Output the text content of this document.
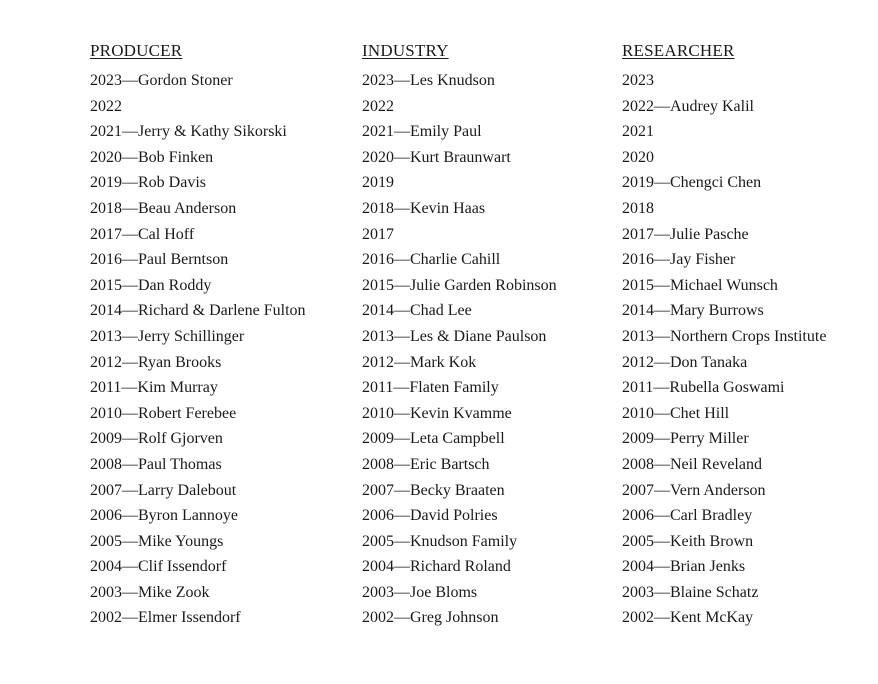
PRODUCER
2023—Gordon Stoner
2022
2021—Jerry & Kathy Sikorski
2020—Bob Finken
2019—Rob Davis
2018—Beau Anderson
2017—Cal Hoff
2016—Paul Berntson
2015—Dan Roddy
2014—Richard & Darlene Fulton
2013—Jerry Schillinger
2012—Ryan Brooks
2011—Kim Murray
2010—Robert Ferebee
2009—Rolf Gjorven
2008—Paul Thomas
2007—Larry Dalebout
2006—Byron Lannoye
2005—Mike Youngs
2004—Clif Issendorf
2003—Mike Zook
2002—Elmer Issendorf
INDUSTRY
2023—Les Knudson
2022
2021—Emily Paul
2020—Kurt Braunwart
2019
2018—Kevin Haas
2017
2016—Charlie Cahill
2015—Julie Garden Robinson
2014—Chad Lee
2013—Les & Diane Paulson
2012—Mark Kok
2011—Flaten Family
2010—Kevin Kvamme
2009—Leta Campbell
2008—Eric Bartsch
2007—Becky Braaten
2006—David Polries
2005—Knudson Family
2004—Richard Roland
2003—Joe Bloms
2002—Greg Johnson
RESEARCHER
2023
2022—Audrey Kalil
2021
2020
2019—Chengci Chen
2018
2017—Julie Pasche
2016—Jay Fisher
2015—Michael Wunsch
2014—Mary Burrows
2013—Northern Crops Institute
2012—Don Tanaka
2011—Rubella Goswami
2010—Chet Hill
2009—Perry Miller
2008—Neil Reveland
2007—Vern Anderson
2006—Carl Bradley
2005—Keith Brown
2004—Brian Jenks
2003—Blaine Schatz
2002—Kent McKay
